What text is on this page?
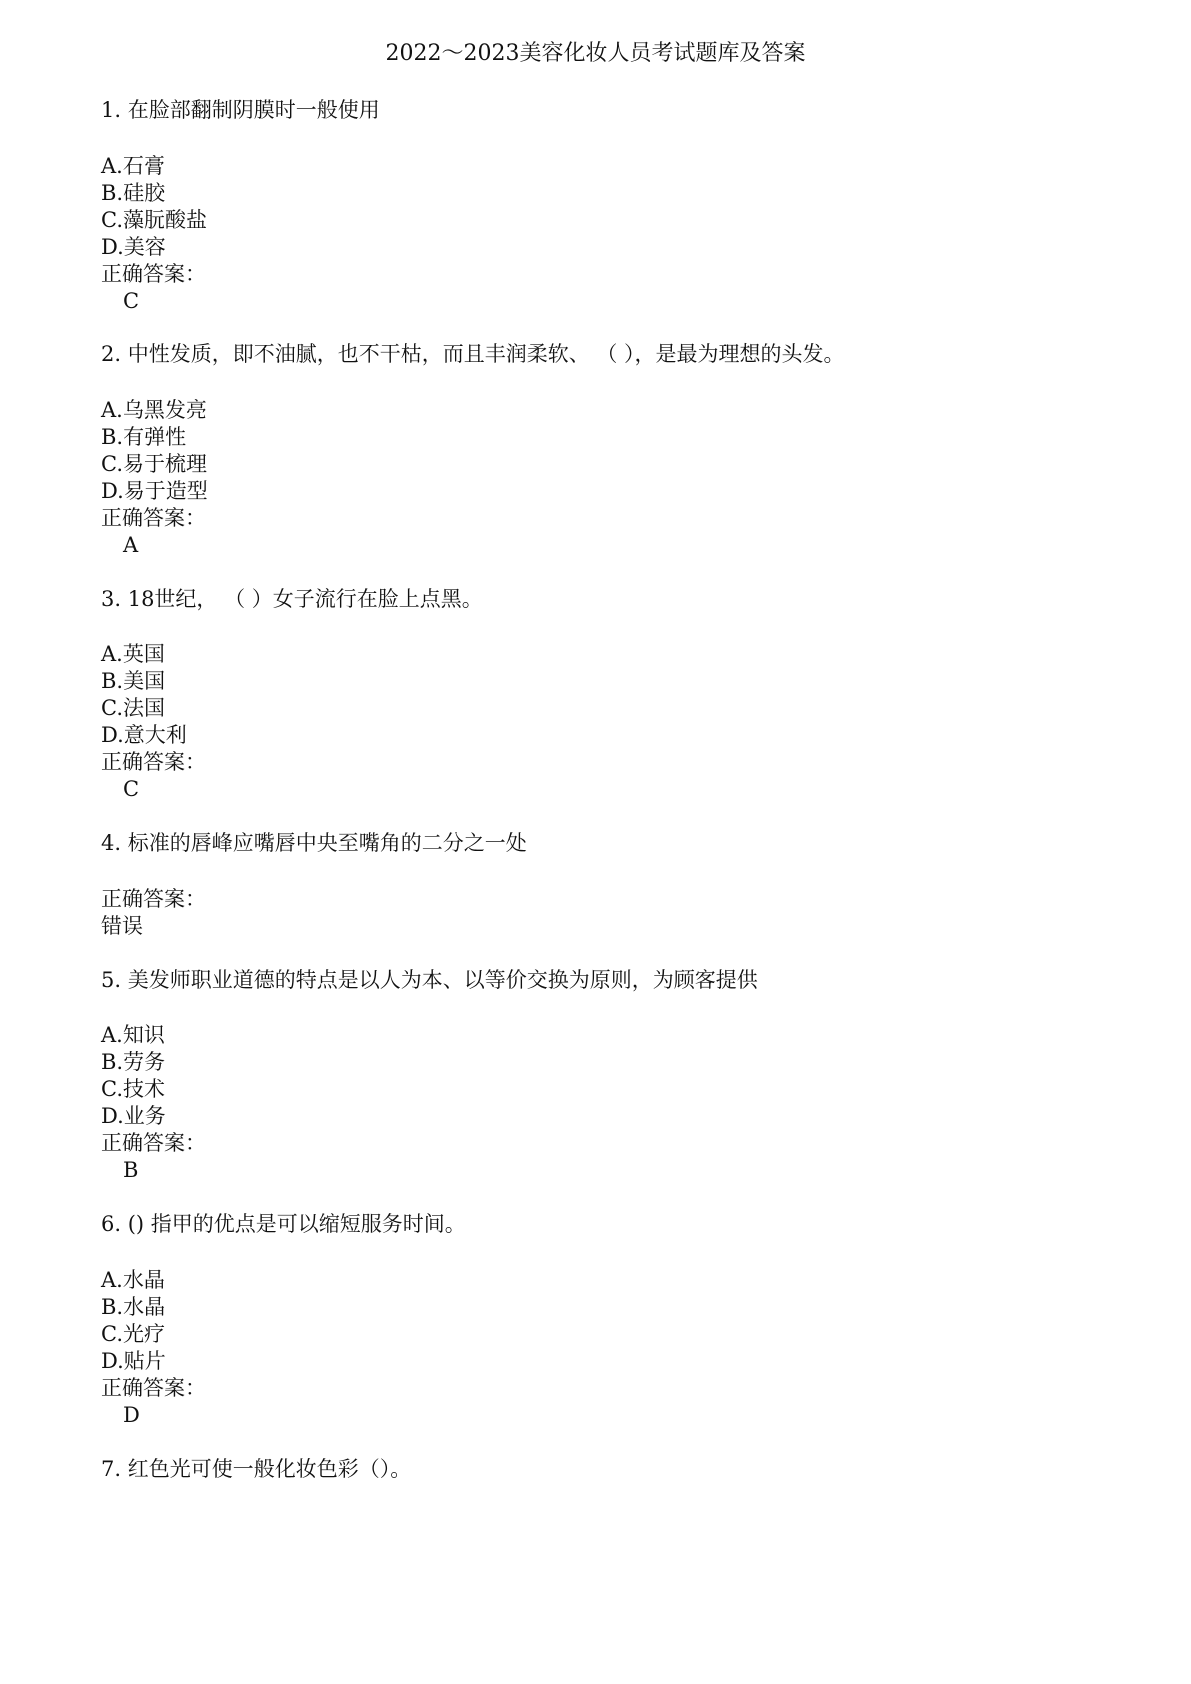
2022～2023美容化妆人员考试题库及答案
1. 在脸部翻制阴膜时一般使用
A.石膏
B.硅胶
C.藻朊酸盐
D.美容
正确答案：
C
2. 中性发质，即不油腻，也不干枯，而且丰润柔软、 （ ），是最为理想的头发。
A.乌黑发亮
B.有弹性
C.易于梳理
D.易于造型
正确答案：
A
3. 18世纪， （ ）女子流行在脸上点黑。
A.英国
B.美国
C.法国
D.意大利
正确答案：
C
4. 标准的唇峰应嘴唇中央至嘴角的二分之一处
正确答案：
错误
5. 美发师职业道德的特点是以人为本、以等价交换为原则，为顾客提供
A.知识
B.劳务
C.技术
D.业务
正确答案：
B
6. () 指甲的优点是可以缩短服务时间。
A.水晶
B.水晶
C.光疗
D.贴片
正确答案：
D
7. 红色光可使一般化妆色彩（）。
